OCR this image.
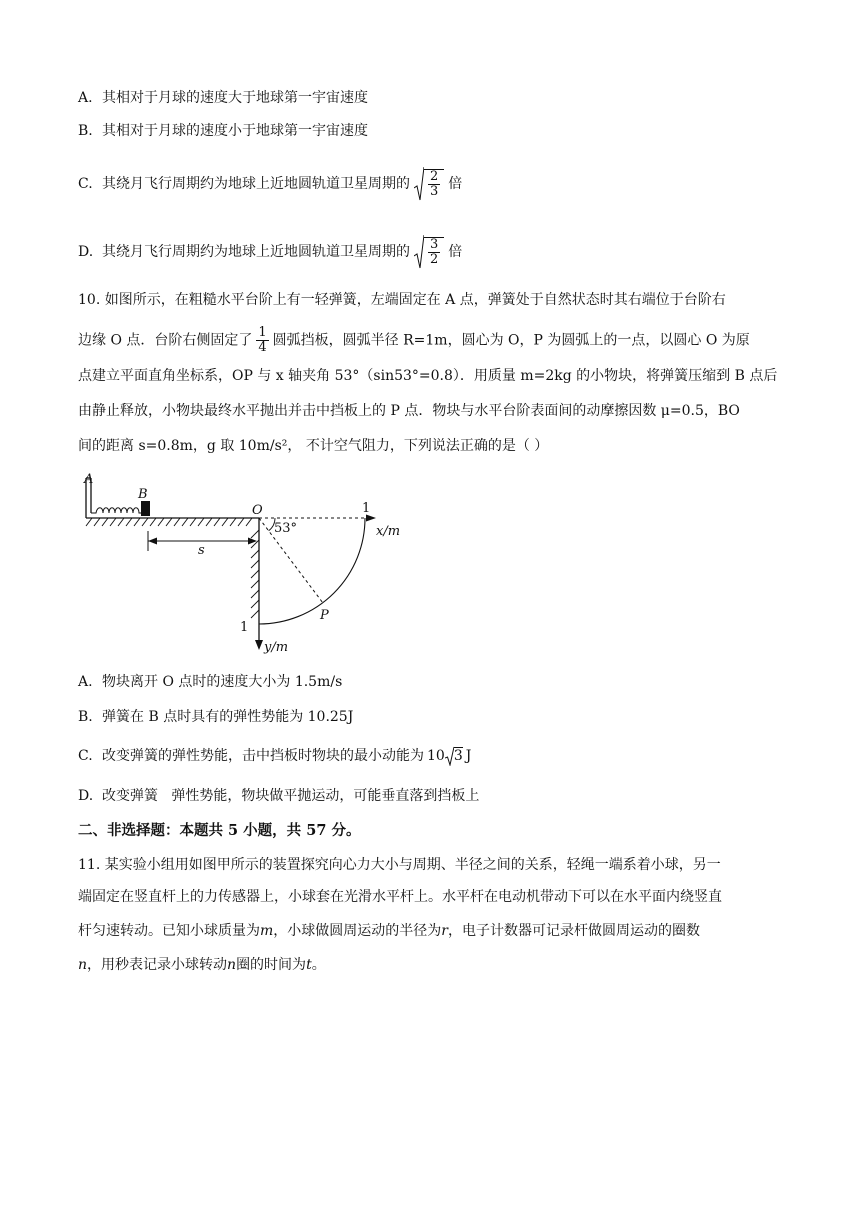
A. 其相对于月球的速度大于地球第一宇宙速度
B. 其相对于月球的速度小于地球第一宇宙速度
C. 其绕月飞行周期约为地球上近地圆轨道卫星周期的 $\frac{2}{3}$ 倍
D. 其绕月飞行周期约为地球上近地圆轨道卫星周期的 $\frac{3}{2}$ 倍
10. 如图所示，在粗糙水平台阶上有一轻弹簧，左端固定在 A 点，弹簧处于自然状态时其右端位于台阶右
边缘 O 点．台阶右侧固定了 $\frac{1}{4}$ 圆弧挡板，圆弧半径 R=1m，圆心为 O，P 为圆弧上的一点，以圆心 O 为原
点建立平面直角坐标系，OP 与 x 轴夹角 53°（sin53°=0.8）．用质量 m=2kg 的小物块，将弹簧压缩到 B 点后
由静止释放，小物块最终水平抛出并击中挡板上的 P 点．物块与水平台阶表面间的动摩擦因数 μ=0.5，BO
间的距离 s=0.8m，g 取 10m/s²， 不计空气阻力，下列说法正确的是（ ）
A
B
1
y/m
1
x/m
O
53°
P
s
A. 物块离开 O 点时的速度大小为 1.5m/s
B. 弹簧在 B 点时具有的弹性势能为 10.25J
C. 改变弹簧的弹性势能，击中挡板时物块的最小动能为 10 3 J
D. 改变弹簧   弹性势能，物块做平抛运动，可能垂直落到挡板上
二、非选择题：本题共 5 小题，共 57 分。
11. 某实验小组用如图甲所示的装置探究向心力大小与周期、半径之间的关系，轻绳一端系着小球，另一
端固定在竖直杆上的力传感器上，小球套在光滑水平杆上。水平杆在电动机带动下可以在水平面内绕竖直
杆匀速转动。已知小球质量为m，小球做圆周运动的半径为r，电子计数器可记录杆做圆周运动的圈数
n，用秒表记录小球转动n圈的时间为t。
